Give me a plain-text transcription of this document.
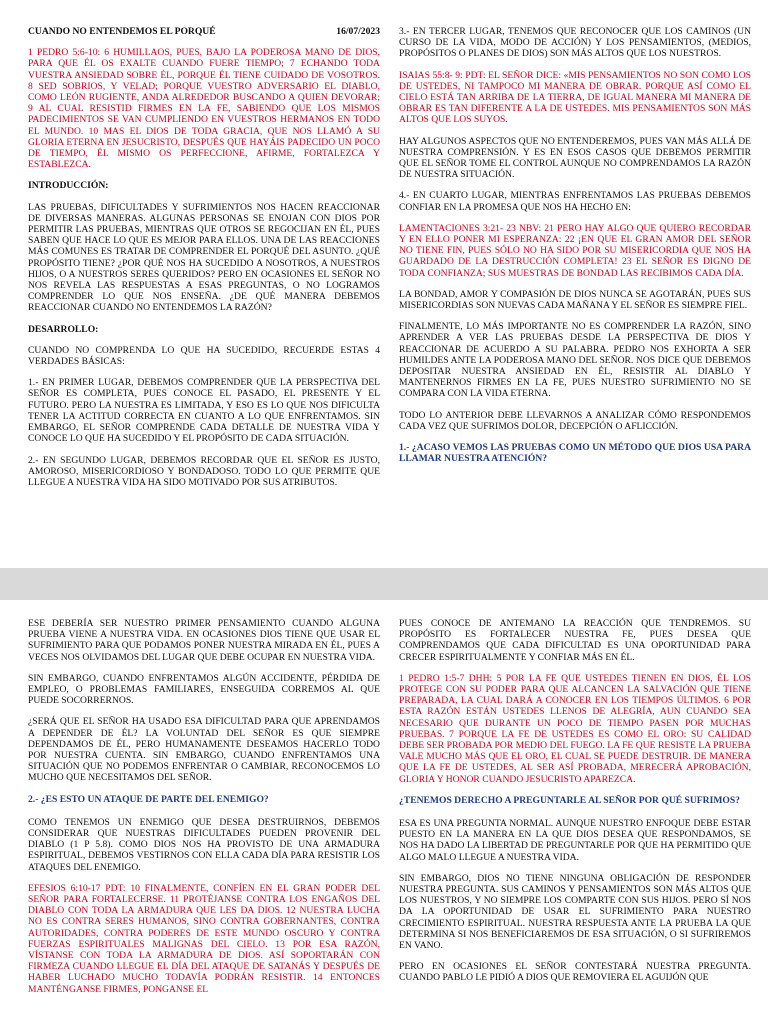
CUANDO NO ENTENDEMOS EL PORQUÉ	16/07/2023

1 PEDRO 5:6-10: 6 HUMILLAOS, PUES, BAJO LA PODEROSA MANO DE DIOS, PARA QUE ÉL OS EXALTE CUANDO FUERE TIEMPO; 7 ECHANDO TODA VUESTRA ANSIEDAD SOBRE ÉL, PORQUE ÉL TIENE CUIDADO DE VOSOTROS. 8 SED SOBRIOS, Y VELAD; PORQUE VUESTRO ADVERSARIO EL DIABLO, COMO LEÓN RUGIENTE, ANDA ALREDEDOR BUSCANDO A QUIEN DEVORAR; 9 AL CUAL RESISTID FIRMES EN LA FE, SABIENDO QUE LOS MISMOS PADECIMIENTOS SE VAN CUMPLIENDO EN VUESTROS HERMANOS EN TODO EL MUNDO. 10 MAS EL DIOS DE TODA GRACIA, QUE NOS LLAMÓ A SU GLORIA ETERNA EN JESUCRISTO, DESPUÉS QUE HAYÁIS PADECIDO UN POCO DE TIEMPO, ÉL MISMO OS PERFECCIONE, AFIRME, FORTALEZCA Y ESTABLEZCA.

INTRODUCCIÓN:

LAS PRUEBAS, DIFICULTADES Y SUFRIMIENTOS NOS HACEN REACCIONAR DE DIVERSAS MANERAS. ALGUNAS PERSONAS SE ENOJAN CON DIOS POR PERMITIR LAS PRUEBAS, MIENTRAS QUE OTROS SE REGOCIJAN EN ÉL, PUES SABEN QUE HACE LO QUE ES MEJOR PARA ELLOS. UNA DE LAS REACCIONES MÁS COMUNES ES TRATAR DE COMPRENDER EL PORQUÉ DEL ASUNTO. ¿QUÉ PROPÓSITO TIENE? ¿POR QUÉ NOS HA SUCEDIDO A NOSOTROS, A NUESTROS HIJOS, O A NUESTROS SERES QUERIDOS? PERO EN OCASIONES EL SEÑOR NO NOS REVELA LAS RESPUESTAS A ESAS PREGUNTAS, O NO LOGRAMOS COMPRENDER LO QUE NOS ENSEÑA. ¿DE QUÉ MANERA DEBEMOS REACCIONAR CUANDO NO ENTENDEMOS LA RAZÓN?

DESARROLLO:

CUANDO NO COMPRENDA LO QUE HA SUCEDIDO, RECUERDE ESTAS 4 VERDADES BÁSICAS:

1.- EN PRIMER LUGAR, DEBEMOS COMPRENDER QUE LA PERSPECTIVA DEL SEÑOR ES COMPLETA, PUES CONOCE EL PASADO, EL PRESENTE Y EL FUTURO. PERO LA NUESTRA ES LIMITADA, Y ESO ES LO QUE NOS DIFICULTA TENER LA ACTITUD CORRECTA EN CUANTO A LO QUE ENFRENTAMOS. SIN EMBARGO, EL SEÑOR COMPRENDE CADA DETALLE DE NUESTRA VIDA Y CONOCE LO QUE HA SUCEDIDO Y EL PROPÓSITO DE CADA SITUACIÓN.

2.- EN SEGUNDO LUGAR, DEBEMOS RECORDAR QUE EL SEÑOR ES JUSTO, AMOROSO, MISERICORDIOSO Y BONDADOSO. TODO LO QUE PERMITE QUE LLEGUE A NUESTRA VIDA HA SIDO MOTIVADO POR SUS ATRIBUTOS.

3.- EN TERCER LUGAR, TENEMOS QUE RECONOCER QUE LOS CAMINOS (UN CURSO DE LA VIDA, MODO DE ACCIÓN) Y LOS PENSAMIENTOS, (MEDIOS, PROPÓSITOS O PLANES DE DIOS) SON MÁS ALTOS QUE LOS NUESTROS.

ISAIAS 55:8- 9: PDT: EL SEÑOR DICE: «MIS PENSAMIENTOS NO SON COMO LOS DE USTEDES, NI TAMPOCO MI MANERA DE OBRAR. PORQUE ASÍ COMO EL CIELO ESTÁ TAN ARRIBA DE LA TIERRA, DE IGUAL MANERA MI MANERA DE OBRAR ES TAN DIFERENTE A LA DE USTEDES. MIS PENSAMIENTOS SON MÁS ALTOS QUE LOS SUYOS.

HAY ALGUNOS ASPECTOS QUE NO ENTENDEREMOS, PUES VAN MÁS ALLÁ DE NUESTRA COMPRENSIÓN. Y ES EN ESOS CASOS QUE DEBEMOS PERMITIR QUE EL SEÑOR TOME EL CONTROL AUNQUE NO COMPRENDAMOS LA RAZÓN DE NUESTRA SITUACIÓN.

4.- EN CUARTO LUGAR, MIENTRAS ENFRENTAMOS LAS PRUEBAS DEBEMOS CONFIAR EN LA PROMESA QUE NOS HA HECHO EN:

LAMENTACIONES 3:21- 23 NBV: 21 PERO HAY ALGO QUE QUIERO RECORDAR Y EN ELLO PONER MI ESPERANZA: 22 ¡EN QUE EL GRAN AMOR DEL SEÑOR NO TIENE FIN, PUES SÓLO NO HA SIDO POR SU MISERICORDIA QUE NOS HA GUARDADO DE LA DESTRUCCIÓN COMPLETA! 23 EL SEÑOR ES DIGNO DE TODA CONFIANZA; SUS MUESTRAS DE BONDAD LAS RECIBIMOS CADA DÍA.

LA BONDAD, AMOR Y COMPASIÓN DE DIOS NUNCA SE AGOTARÁN, PUES SUS MISERICORDIAS SON NUEVAS CADA MAÑANA Y EL SEÑOR ES SIEMPRE FIEL.

FINALMENTE, LO MÁS IMPORTANTE NO ES COMPRENDER LA RAZÓN, SINO APRENDER A VER LAS PRUEBAS DESDE LA PERSPECTIVA DE DIOS Y REACCIONAR DE ACUERDO A SU PALABRA. PEDRO NOS EXHORTA A SER HUMILDES ANTE LA PODEROSA MANO DEL SEÑOR. NOS DICE QUE DEBEMOS DEPOSITAR NUESTRA ANSIEDAD EN ÉL, RESISTIR AL DIABLO Y MANTENERNOS FIRMES EN LA FE, PUES NUESTRO SUFRIMIENTO NO SE COMPARA CON LA VIDA ETERNA.

TODO LO ANTERIOR DEBE LLEVARNOS A ANALIZAR CÓMO RESPONDEMOS CADA VEZ QUE SUFRIMOS DOLOR, DECEPCIÓN O AFLICCIÓN.

1.- ¿ACASO VEMOS LAS PRUEBAS COMO UN MÉTODO QUE DIOS USA PARA LLAMAR NUESTRA ATENCIÓN?

ESE DEBERÍA SER NUESTRO PRIMER PENSAMIENTO CUANDO ALGUNA PRUEBA VIENE A NUESTRA VIDA. EN OCASIONES DIOS TIENE QUE USAR EL SUFRIMIENTO PARA QUE PODAMOS PONER NUESTRA MIRADA EN ÉL, PUES A VECES NOS OLVIDAMOS DEL LUGAR QUE DEBE OCUPAR EN NUESTRA VIDA.

SIN EMBARGO, CUANDO ENFRENTAMOS ALGÚN ACCIDENTE, PÉRDIDA DE EMPLEO, O PROBLEMAS FAMILIARES, ENSEGUIDA CORREMOS AL QUE PUEDE SOCORRERNOS.

¿SERÁ QUE EL SEÑOR HA USADO ESA DIFICULTAD PARA QUE APRENDAMOS A DEPENDER DE ÉL? LA VOLUNTAD DEL SEÑOR ES QUE SIEMPRE DEPENDAMOS DE ÉL, PERO HUMANAMENTE DESEAMOS HACERLO TODO POR NUESTRA CUENTA. SIN EMBARGO, CUANDO ENFRENTAMOS UNA SITUACIÓN QUE NO PODEMOS ENFRENTAR O CAMBIAR, RECONOCEMOS LO MUCHO QUE NECESITAMOS DEL SEÑOR.

2.- ¿ES ESTO UN ATAQUE DE PARTE DEL ENEMIGO?

COMO TENEMOS UN ENEMIGO QUE DESEA DESTRUIRNOS, DEBEMOS CONSIDERAR QUE NUESTRAS DIFICULTADES PUEDEN PROVENIR DEL DIABLO (1 P 5.8). COMO DIOS NOS HA PROVISTO DE UNA ARMADURA ESPIRITUAL, DEBEMOS VESTIRNOS CON ELLA CADA DÍA PARA RESISTIR LOS ATAQUES DEL ENEMIGO.

EFESIOS 6:10-17 PDT: 10 FINALMENTE, CONFÍEN EN EL GRAN PODER DEL SEÑOR PARA FORTALECERSE. 11 PROTÉJANSE CONTRA LOS ENGAÑOS DEL DIABLO CON TODA LA ARMADURA QUE LES DA DIOS. 12 NUESTRA LUCHA NO ES CONTRA SERES HUMANOS, SINO CONTRA GOBERNANTES, CONTRA AUTORIDADES, CONTRA PODERES DE ESTE MUNDO OSCURO Y CONTRA FUERZAS ESPIRITUALES MALIGNAS DEL CIELO. 13 POR ESA RAZÓN, VÍSTANSE CON TODA LA ARMADURA DE DIOS. ASÍ SOPORTARÁN CON FIRMEZA CUANDO LLEGUE EL DÍA DEL ATAQUE DE SATANÁS Y DESPUÉS DE HABER LUCHADO MUCHO TODAVÍA PODRÁN RESISTIR. 14 ENTONCES MANTÉNGANSE FIRMES, PONGANSE EL

PUES CONOCE DE ANTEMANO LA REACCIÓN QUE TENDREMOS. SU PROPÓSITO ES FORTALECER NUESTRA FE, PUES DESEA QUE COMPRENDAMOS QUE CADA DIFICULTAD ES UNA OPORTUNIDAD PARA CRECER ESPIRITUALMENTE Y CONFIAR MÁS EN ÉL.

1 PEDRO 1:5-7 DHH: 5 POR LA FE QUE USTEDES TIENEN EN DIOS, ÉL LOS PROTEGE CON SU PODER PARA QUE ALCANCEN LA SALVACIÓN QUE TIENE PREPARADA, LA CUAL DARÁ A CONOCER EN LOS TIEMPOS ÚLTIMOS. 6 POR ESTA RAZÓN ESTÁN USTEDES LLENOS DE ALEGRÍA, AUN CUANDO SEA NECESARIO QUE DURANTE UN POCO DE TIEMPO PASEN POR MUCHAS PRUEBAS. 7 PORQUE LA FE DE USTEDES ES COMO EL ORO: SU CALIDAD DEBE SER PROBADA POR MEDIO DEL FUEGO. LA FE QUE RESISTE LA PRUEBA VALE MUCHO MÁS QUE EL ORO, EL CUAL SE PUEDE DESTRUIR. DE MANERA QUE LA FE DE USTEDES, AL SER ASÍ PROBADA, MERECERÁ APROBACIÓN, GLORIA Y HONOR CUANDO JESUCRISTO APAREZCA.

¿TENEMOS DERECHO A PREGUNTARLE AL SEÑOR POR QUÉ SUFRIMOS?

ESA ES UNA PREGUNTA NORMAL. AUNQUE NUESTRO ENFOQUE DEBE ESTAR PUESTO EN LA MANERA EN LA QUE DIOS DESEA QUE RESPONDAMOS, SE NOS HA DADO LA LIBERTAD DE PREGUNTARLE POR QUE HA PERMITIDO QUE ALGO MALO LLEGUE A NUESTRA VIDA.

SIN EMBARGO, DIOS NO TIENE NINGUNA OBLIGACIÓN DE RESPONDER NUESTRA PREGUNTA. SUS CAMINOS Y PENSAMIENTOS SON MÁS ALTOS QUE LOS NUESTROS, Y NO SIEMPRE LOS COMPARTE CON SUS HIJOS. PERO SÍ NOS DA LA OPORTUNIDAD DE USAR EL SUFRIMIENTO PARA NUESTRO CRECIMIENTO ESPIRITUAL. NUESTRA RESPUESTA ANTE LA PRUEBA LA QUE DETERMINA SI NOS BENEFICIAREMOS DE ESA SITUACIÓN, O SI SUFRIREMOS EN VANO.

PERO EN OCASIONES EL SEÑOR CONTESTARÁ NUESTRA PREGUNTA. CUANDO PABLO LE PIDIÓ A DIOS QUE REMOVIERA EL AGUIJÓN QUE
